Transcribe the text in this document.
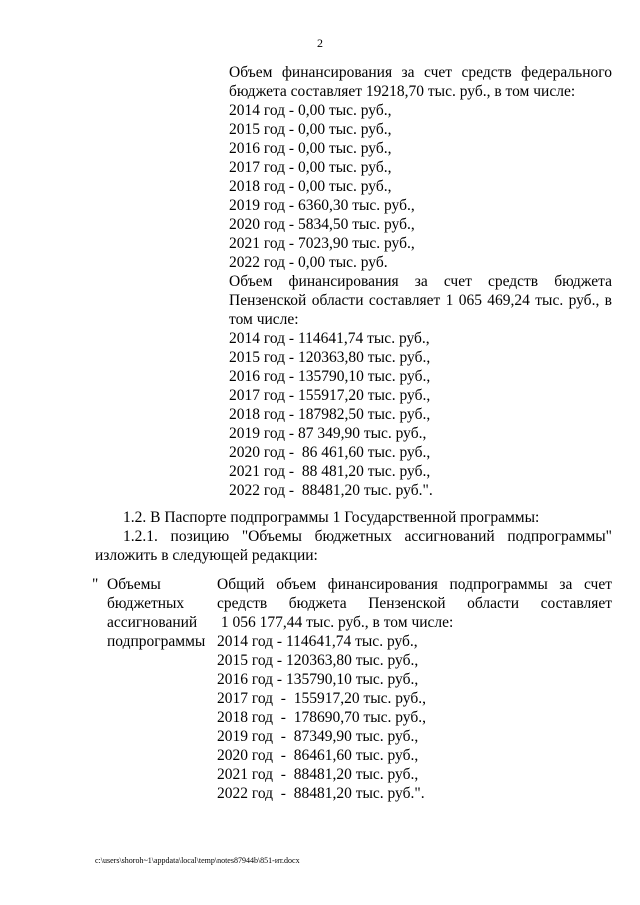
2
Объем финансирования за счет средств федерального
бюджета составляет 19218,70 тыс. руб., в том числе:
2014 год - 0,00 тыс. руб.,
2015 год - 0,00 тыс. руб.,
2016 год - 0,00 тыс. руб.,
2017 год - 0,00 тыс. руб.,
2018 год - 0,00 тыс. руб.,
2019 год - 6360,30 тыс. руб.,
2020 год - 5834,50 тыс. руб.,
2021 год - 7023,90 тыс. руб.,
2022 год - 0,00 тыс. руб.
Объем финансирования за счет средств бюджета
Пензенской области составляет 1 065 469,24 тыс. руб., в
том числе:
2014 год - 114641,74 тыс. руб.,
2015 год - 120363,80 тыс. руб.,
2016 год - 135790,10 тыс. руб.,
2017 год - 155917,20 тыс. руб.,
2018 год - 187982,50 тыс. руб.,
2019 год - 87 349,90 тыс. руб.,
2020 год -  86 461,60 тыс. руб.,
2021 год -  88 481,20 тыс. руб.,
2022 год -  88481,20 тыс. руб.".
1.2. В Паспорте подпрограммы 1 Государственной программы:
1.2.1. позицию "Объемы бюджетных ассигнований подпрограммы"
изложить в следующей редакции:
" Объемы
бюджетных
ассигнований
подпрограммы
Общий объем финансирования подпрограммы за счет
средств бюджета Пензенской области составляет
1 056 177,44 тыс. руб., в том числе:
2014 год - 114641,74 тыс. руб.,
2015 год - 120363,80 тыс. руб.,
2016 год - 135790,10 тыс. руб.,
2017 год  -  155917,20 тыс. руб.,
2018 год  -  178690,70 тыс. руб.,
2019 год  -  87349,90 тыс. руб.,
2020 год  -  86461,60 тыс. руб.,
2021 год  -  88481,20 тыс. руб.,
2022 год  -  88481,20 тыс. руб.".
c:\users\shoroh~1\appdata\local\temp\notes87944b\851-ит.docx
